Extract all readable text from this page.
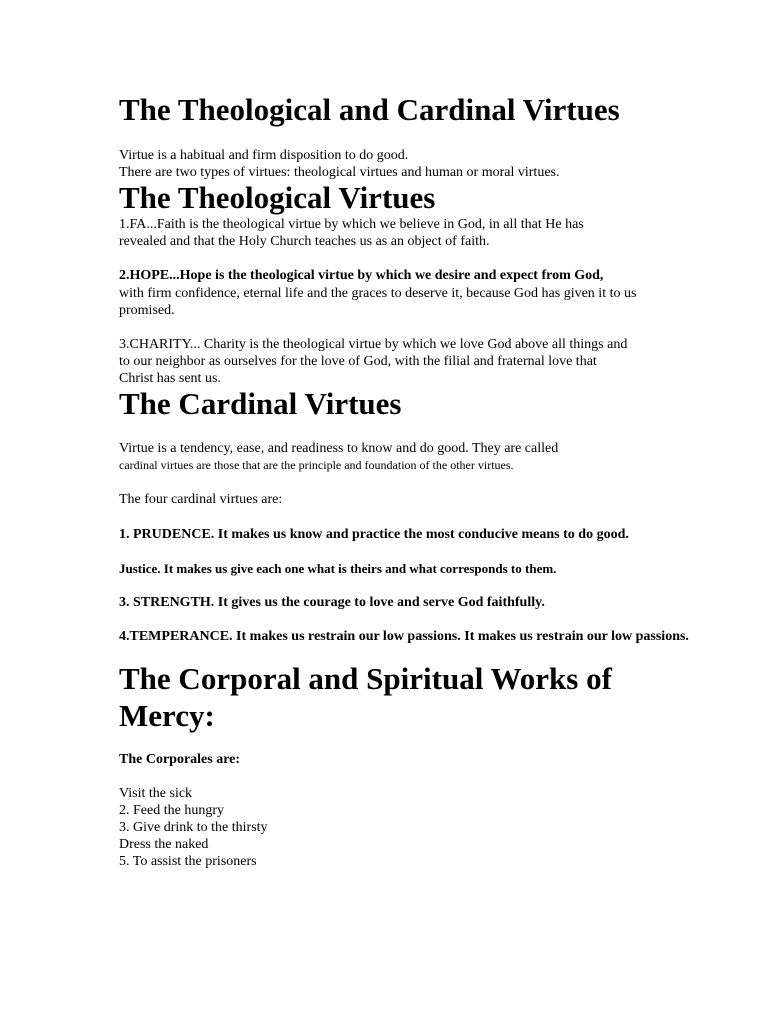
The Theological and Cardinal Virtues
Virtue is a habitual and firm disposition to do good.
There are two types of virtues: theological virtues and human or moral virtues.
The Theological Virtues
1.FA...Faith is the theological virtue by which we believe in God, in all that He has
revealed and that the Holy Church teaches us as an object of faith.
2.HOPE...Hope is the theological virtue by which we desire and expect from God,
with firm confidence, eternal life and the graces to deserve it, because God has given it to us
promised.
3.CHARITY... Charity is the theological virtue by which we love God above all things and
to our neighbor as ourselves for the love of God, with the filial and fraternal love that
Christ has sent us.
The Cardinal Virtues
Virtue is a tendency, ease, and readiness to know and do good. They are called
cardinal virtues are those that are the principle and foundation of the other virtues.
The four cardinal virtues are:
1. PRUDENCE. It makes us know and practice the most conducive means to do good.
Justice. It makes us give each one what is theirs and what corresponds to them.
3. STRENGTH. It gives us the courage to love and serve God faithfully.
4.TEMPERANCE. It makes us restrain our low passions. It makes us restrain our low passions.
The Corporal and Spiritual Works of
Mercy:
The Corporales are:
Visit the sick
2. Feed the hungry
3. Give drink to the thirsty
Dress the naked
5. To assist the prisoners
